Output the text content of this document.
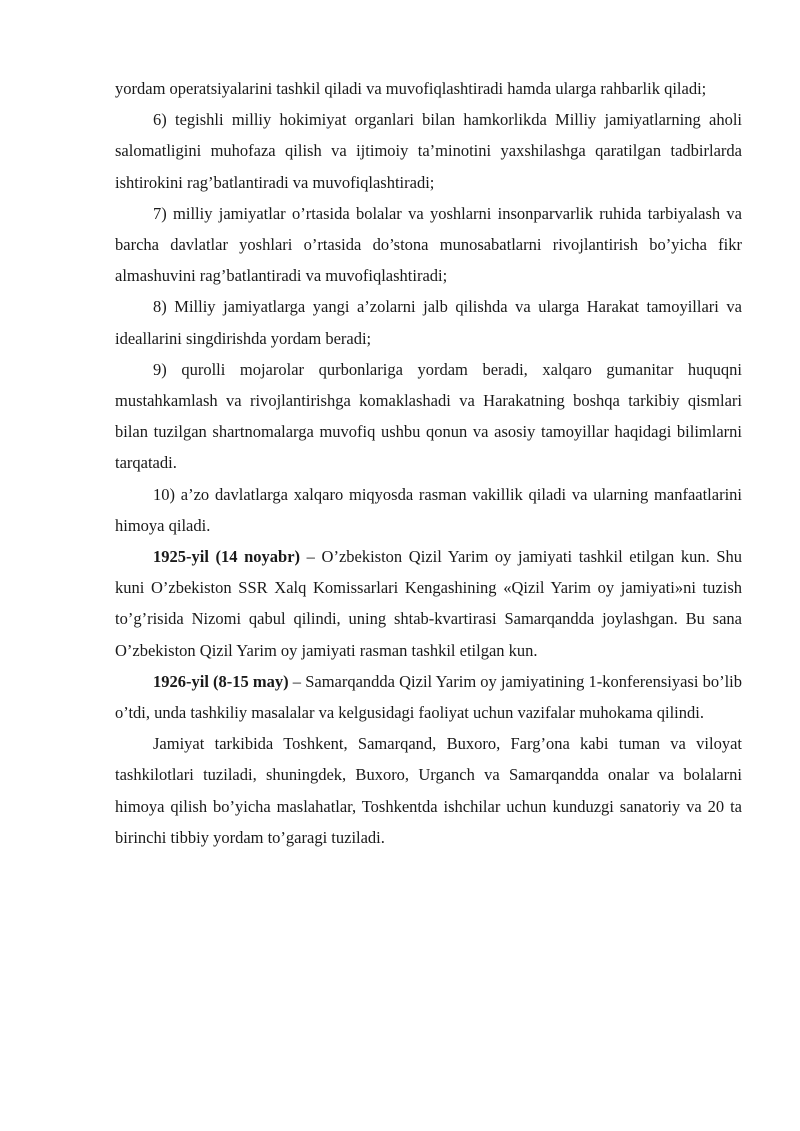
yordam operatsiyalarini tashkil qiladi va muvofiqlashtiradi hamda ularga rahbarlik qiladi;

6) tegishli milliy hokimiyat organlari bilan hamkorlikda Milliy jamiyatlarning aholi salomatligini muhofaza qilish va ijtimoiy ta’minotini yaxshilashga qaratilgan tadbirlarda ishtirokini rag’batlantiradi va muvofiqlashtiradi;

7) milliy jamiyatlar o’rtasida bolalar va yoshlarni insonparvarlik ruhida tarbiyalash va barcha davlatlar yoshlari o’rtasida do’stona munosabatlarni rivojlantirish bo’yicha fikr almashuvini rag’batlantiradi va muvofiqlashtiradi;

8) Milliy jamiyatlarga yangi a’zolarni jalb qilishda va ularga Harakat tamoyillari va ideallarini singdirishda yordam beradi;

9) qurolli mojarolar qurbonlariga yordam beradi, xalqaro gumanitar huquqni mustahkamlash va rivojlantirishga komaklashadi va Harakatning boshqa tarkibiy qismlari bilan tuzilgan shartnomalarga muvofiq ushbu qonun va asosiy tamoyillar haqidagi bilimlarni tarqatadi.

10) a’zo davlatlarga xalqaro miqyosda rasman vakillik qiladi va ularning manfaatlarini himoya qiladi.

1925-yil (14 noyabr) – O’zbekiston Qizil Yarim oy jamiyati tashkil etilgan kun. Shu kuni O’zbekiston SSR Xalq Komissarlari Kengashining «Qizil Yarim oy jamiyati»ni tuzish to’g’risida Nizomi qabul qilindi, uning shtab-kvartirasi Samarqandda joylashgan. Bu sana O’zbekiston Qizil Yarim oy jamiyati rasman tashkil etilgan kun.

1926-yil (8-15 may) – Samarqandda Qizil Yarim oy jamiyatining 1-konferensiyasi bo’lib o’tdi, unda tashkiliy masalalar va kelgusidagi faoliyat uchun vazifalar muhokama qilindi.

Jamiyat tarkibida Toshkent, Samarqand, Buxoro, Farg’ona kabi tuman va viloyat tashkilotlari tuziladi, shuningdek, Buxoro, Urganch va Samarqandda onalar va bolalarni himoya qilish bo’yicha maslahatlar, Toshkentda ishchilar uchun kunduzgi sanatoriy va 20 ta birinchi tibbiy yordam to’garagi tuziladi.
